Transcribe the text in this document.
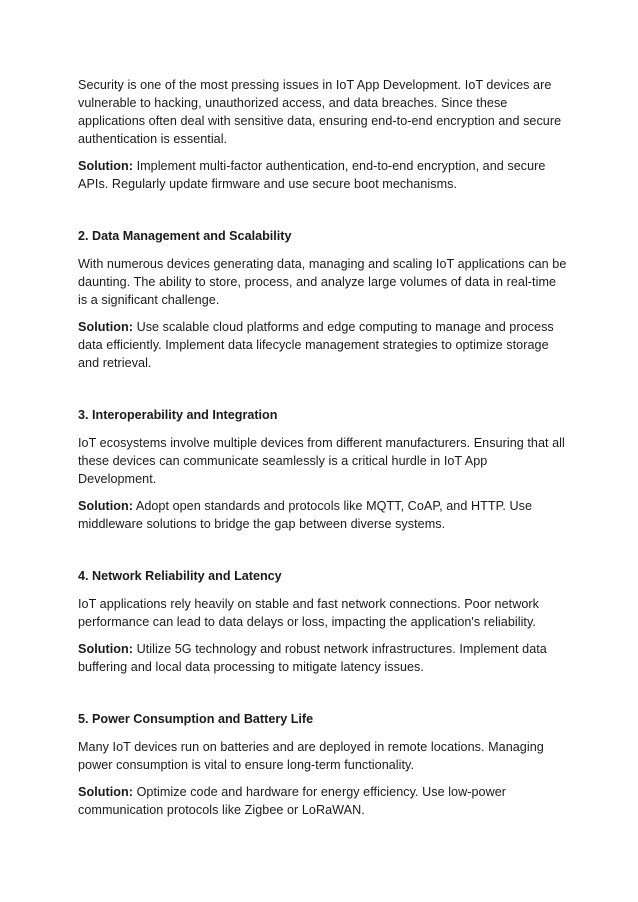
Security is one of the most pressing issues in IoT App Development. IoT devices are vulnerable to hacking, unauthorized access, and data breaches. Since these applications often deal with sensitive data, ensuring end-to-end encryption and secure authentication is essential.

Solution: Implement multi-factor authentication, end-to-end encryption, and secure APIs. Regularly update firmware and use secure boot mechanisms.

2. Data Management and Scalability

With numerous devices generating data, managing and scaling IoT applications can be daunting. The ability to store, process, and analyze large volumes of data in real-time is a significant challenge.

Solution: Use scalable cloud platforms and edge computing to manage and process data efficiently. Implement data lifecycle management strategies to optimize storage and retrieval.

3. Interoperability and Integration

IoT ecosystems involve multiple devices from different manufacturers. Ensuring that all these devices can communicate seamlessly is a critical hurdle in IoT App Development.

Solution: Adopt open standards and protocols like MQTT, CoAP, and HTTP. Use middleware solutions to bridge the gap between diverse systems.

4. Network Reliability and Latency

IoT applications rely heavily on stable and fast network connections. Poor network performance can lead to data delays or loss, impacting the application's reliability.

Solution: Utilize 5G technology and robust network infrastructures. Implement data buffering and local data processing to mitigate latency issues.

5. Power Consumption and Battery Life

Many IoT devices run on batteries and are deployed in remote locations. Managing power consumption is vital to ensure long-term functionality.

Solution: Optimize code and hardware for energy efficiency. Use low-power communication protocols like Zigbee or LoRaWAN.
